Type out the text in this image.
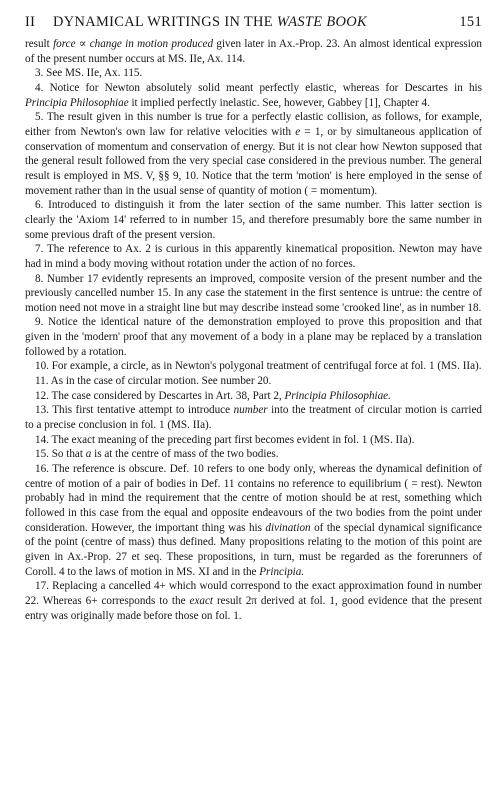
II	DYNAMICAL WRITINGS IN THE WASTE BOOK	151

result force ∝ change in motion produced given later in Ax.-Prop. 23. An almost identical expression of the present number occurs at MS. IIe, Ax. 114.

3. See MS. IIe, Ax. 115.

4. Notice for Newton absolutely solid meant perfectly elastic, whereas for Descartes in his Principia Philosophiae it implied perfectly inelastic. See, however, Gabbey [1], Chapter 4.

5. The result given in this number is true for a perfectly elastic collision, as follows, for example, either from Newton's own law for relative velocities with e = 1, or by simultaneous application of conservation of momentum and conservation of energy. But it is not clear how Newton supposed that the general result followed from the very special case considered in the previous number. The general result is employed in MS. V, §§ 9, 10. Notice that the term 'motion' is here employed in the sense of movement rather than in the usual sense of quantity of motion ( = momentum).

6. Introduced to distinguish it from the later section of the same number. This latter section is clearly the 'Axiom 14' referred to in number 15, and therefore presumably bore the same number in some previous draft of the present version.

7. The reference to Ax. 2 is curious in this apparently kinematical proposition. Newton may have had in mind a body moving without rotation under the action of no forces.

8. Number 17 evidently represents an improved, composite version of the present number and the previously cancelled number 15. In any case the statement in the first sentence is untrue: the centre of motion need not move in a straight line but may describe instead some 'crooked line', as in number 18.

9. Notice the identical nature of the demonstration employed to prove this proposition and that given in the 'modern' proof that any movement of a body in a plane may be replaced by a translation followed by a rotation.

10. For example, a circle, as in Newton's polygonal treatment of centrifugal force at fol. 1 (MS. IIa).

11. As in the case of circular motion. See number 20.

12. The case considered by Descartes in Art. 38, Part 2, Principia Philosophiae.

13. This first tentative attempt to introduce number into the treatment of circular motion is carried to a precise conclusion in fol. 1 (MS. IIa).

14. The exact meaning of the preceding part first becomes evident in fol. 1 (MS. IIa).

15. So that a is at the centre of mass of the two bodies.

16. The reference is obscure. Def. 10 refers to one body only, whereas the dynamical definition of centre of motion of a pair of bodies in Def. 11 contains no reference to equilibrium ( = rest). Newton probably had in mind the requirement that the centre of motion should be at rest, something which followed in this case from the equal and opposite endeavours of the two bodies from the point under consideration. However, the important thing was his divination of the special dynamical significance of the point (centre of mass) thus defined. Many propositions relating to the motion of this point are given in Ax.-Prop. 27 et seq. These propositions, in turn, must be regarded as the forerunners of Coroll. 4 to the laws of motion in MS. XI and in the Principia.

17. Replacing a cancelled 4+ which would correspond to the exact approximation found in number 22. Whereas 6+ corresponds to the exact result 2π derived at fol. 1, good evidence that the present entry was originally made before those on fol. 1.
